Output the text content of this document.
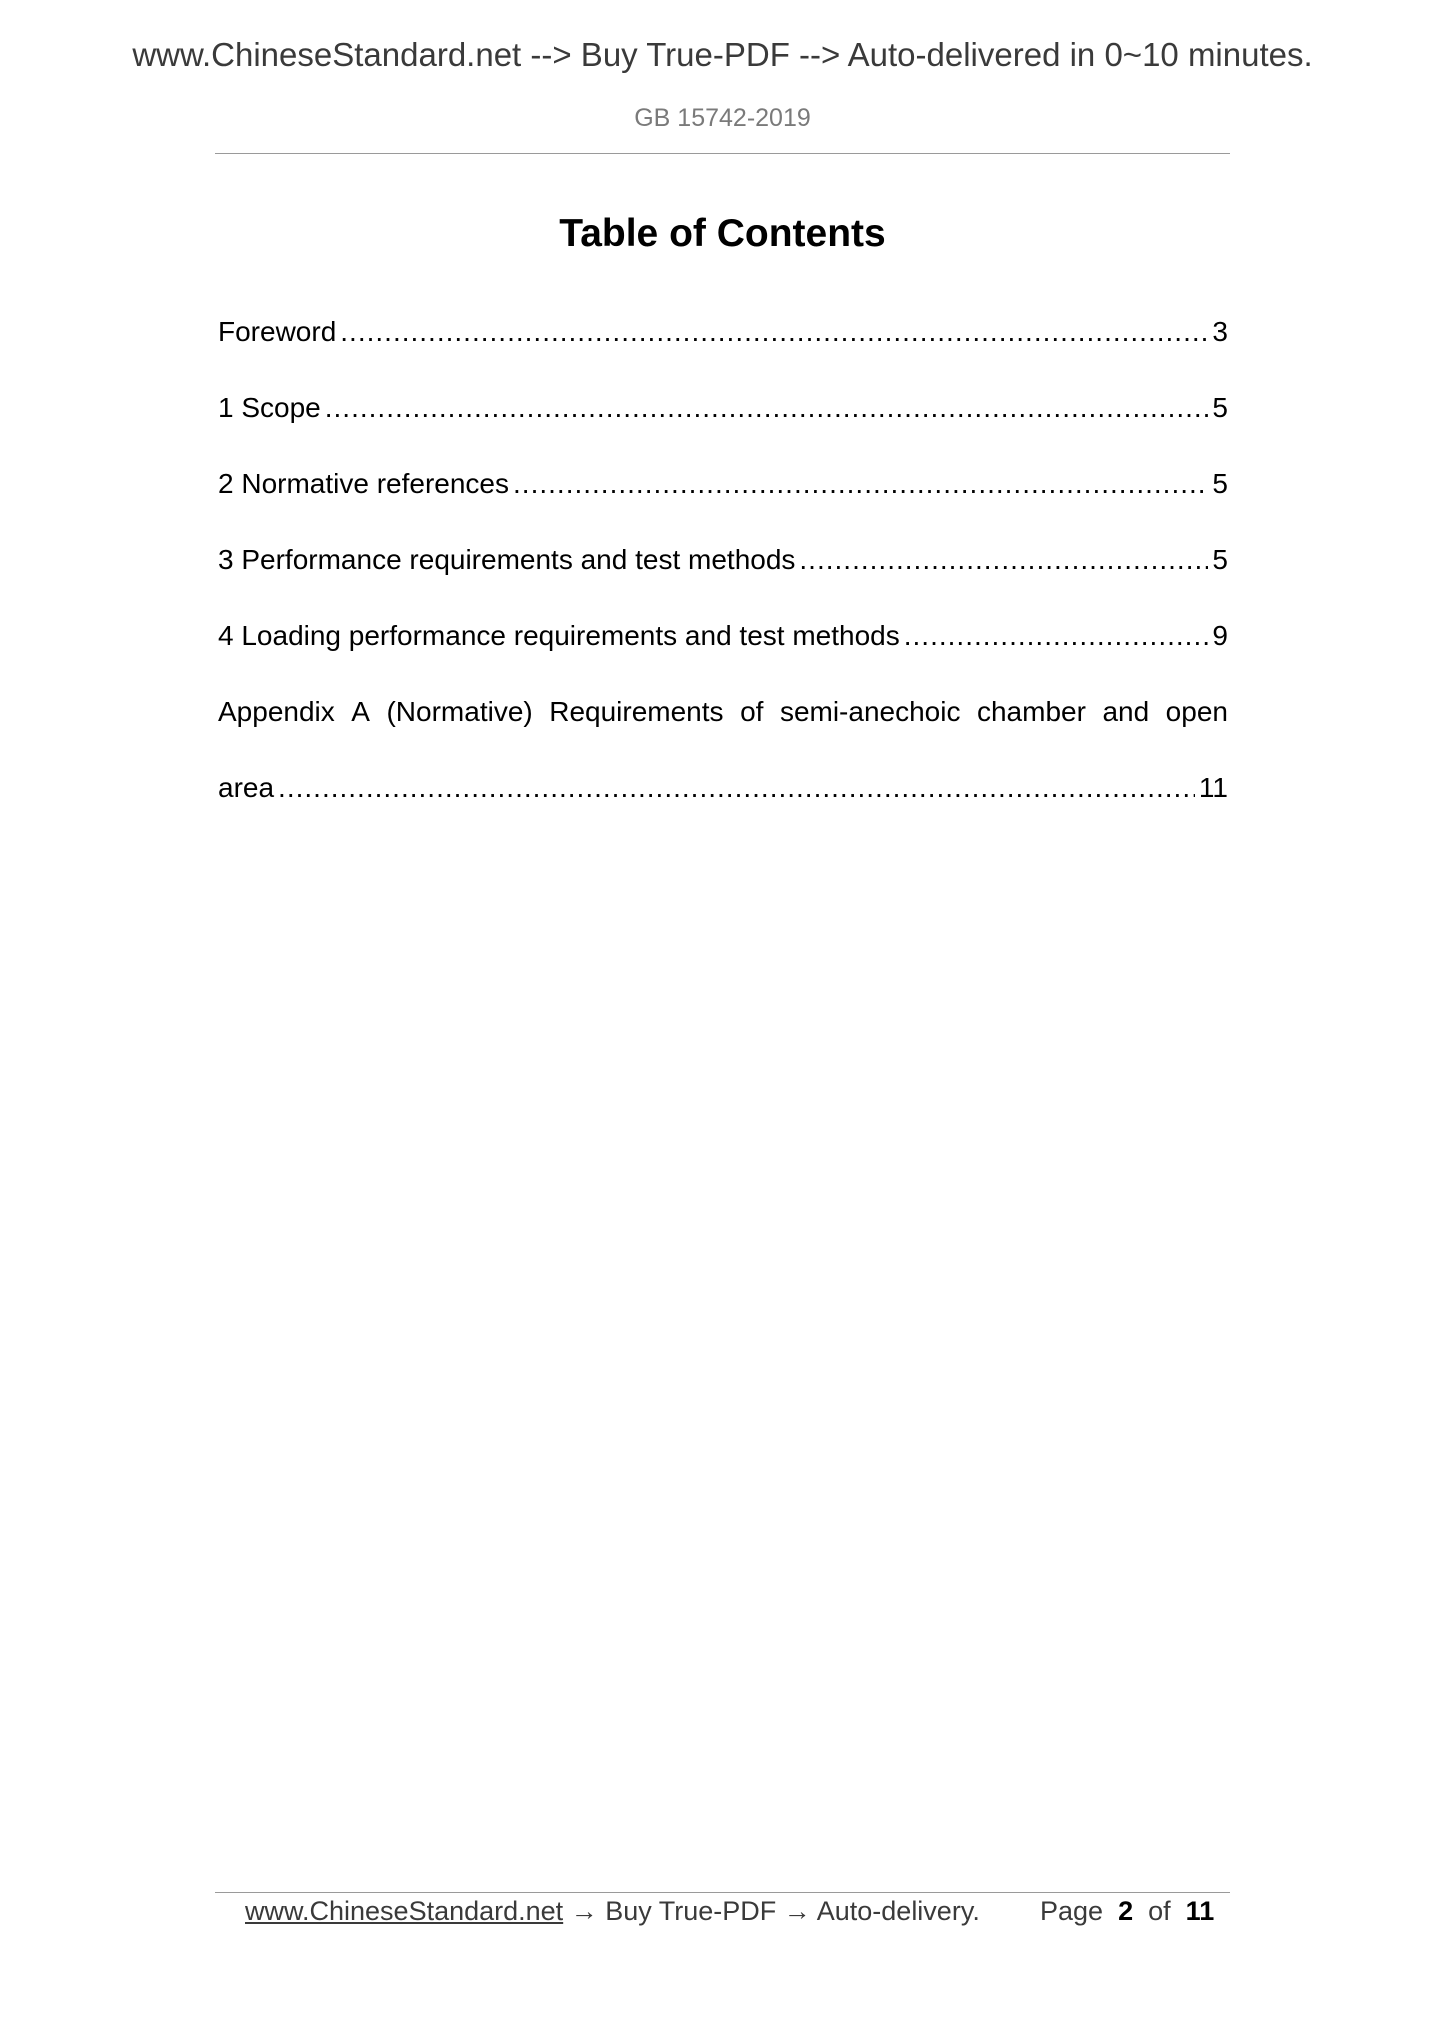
www.ChineseStandard.net --> Buy True-PDF --> Auto-delivered in 0~10 minutes.
GB 15742-2019
Table of Contents
Foreword .....	3
1 Scope .....	5
2 Normative references .....	5
3 Performance requirements and test methods .....	5
4 Loading performance requirements and test methods .....	9
Appendix A (Normative) Requirements of semi-anechoic chamber and open
area .....	11
www.ChineseStandard.net → Buy True-PDF → Auto-delivery. Page 2 of 11
